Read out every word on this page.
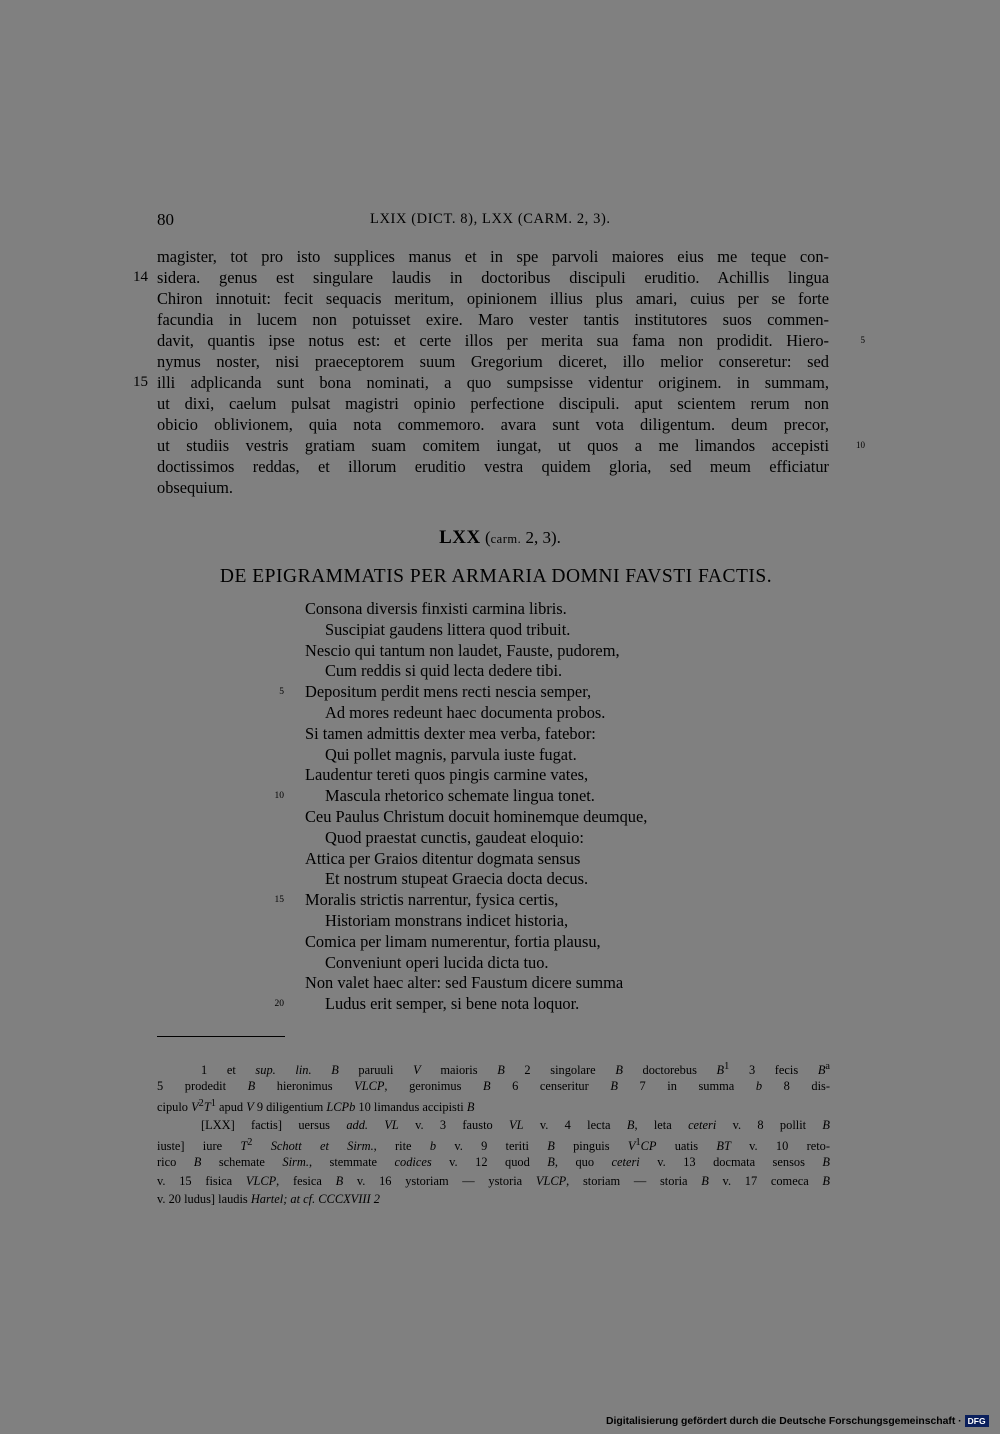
80	LXIX (DICT. 8), LXX (CARM. 2, 3).
magister, tot pro isto supplices manus et in spe parvoli maiores eius me teque con-
sidera. genus est singulare laudis in doctoribus discipuli eruditio. Achillis lingua
14
Chiron innotuit: fecit sequacis meritum, opinionem illius plus amari, cuius per se forte
facundia in lucem non potuisset exire. Maro vester tantis institutores suos commen-
davit, quantis ipse notus est: et certe illos per merita sua fama non prodidit. Hiero-	5
nymus noster, nisi praeceptorem suum Gregorium diceret, illo melior conseretur: sed
illi adplicanda sunt bona nominati, a quo sumpsisse videntur originem. in summam,
15
ut dixi, caelum pulsat magistri opinio perfectione discipuli. aput scientem rerum non
obicio oblivionem, quia nota commemoro. avara sunt vota diligentum. deum precor,
ut studiis vestris gratiam suam comitem iungat, ut quos a me limandos accepisti	10
doctissimos reddas, et illorum eruditio vestra quidem gloria, sed meum efficiatur
obsequium.
LXX (carm. 2, 3).
DE EPIGRAMMATIS PER ARMARIA DOMNI FAVSTI FACTIS.
Consona diversis finxisti carmina libris.
Suscipiat gaudens littera quod tribuit.
Nescio qui tantum non laudet, Fauste, pudorem,
Cum reddis si quid lecta dedere tibi.
Depositum perdit mens recti nescia semper,
5
Ad mores redeunt haec documenta probos.
Si tamen admittis dexter mea verba, fatebor:
Qui pollet magnis, parvula iuste fugat.
Laudentur tereti quos pingis carmine vates,
Mascula rhetorico schemate lingua tonet.
10
Ceu Paulus Christum docuit hominemque deumque,
Quod praestat cunctis, gaudeat eloquio:
Attica per Graios ditentur dogmata sensus
Et nostrum stupeat Graecia docta decus.
Moralis strictis narrentur, fysica certis,
15
Historiam monstrans indicet historia,
Comica per limam numerentur, fortia plausu,
Conveniunt operi lucida dicta tuo.
Non valet haec alter: sed Faustum dicere summa
Ludus erit semper, si bene nota loquor.
20
1 et sup. lin. B paruuli V maioris B 2 singolare B doctorebus $B^1$ 3 fecis $B^a$
5 prodedit B hieronimus VLCP, geronimus B 6 censeritur B 7 in summa b 8 dis-
cipulo $V^2T^1$ apud V 9 diligentium LCPb 10 limandus accipisti B
[LXX] factis] uersus add. VL v. 3 fausto VL v. 4 lecta B, leta ceteri v. 8 pollit B
iuste] iure $T^2$ Schott et Sirm., rite b v. 9 teriti B pinguis $V^1CP$ uatis BT v. 10 reto-
rico B schemate Sirm., stemmate codices v. 12 quod B, quo ceteri v. 13 docmata sensos B
v. 15 fisica VLCP, fesica B v. 16 ystoriam — ystoria VLCP, storiam — storia B v. 17 comeca B
v. 20 ludus] laudis Hartel; at cf. CCCXVIII 2
Digitalisierung gefördert durch die Deutsche Forschungsgemeinschaft · DFG
